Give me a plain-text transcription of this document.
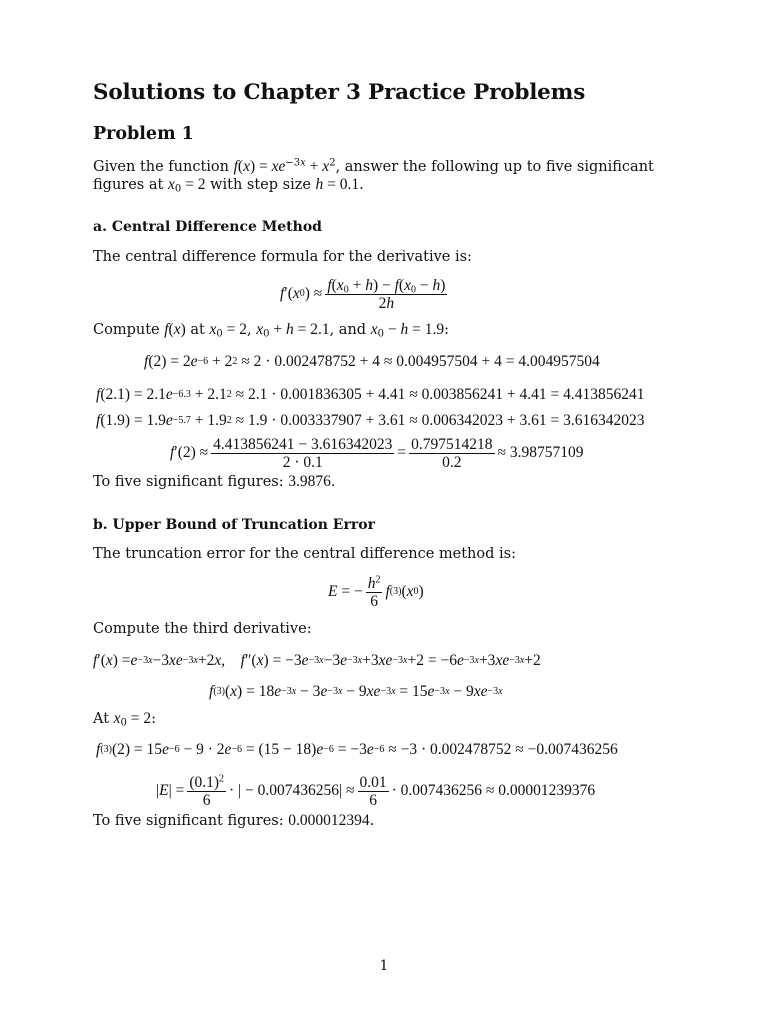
Solutions to Chapter 3 Practice Problems
Problem 1
Given the function $f(x) = xe^{-3x} + x^2$, answer the following up to five significant
figures at $x_0 = 2$ with step size h = 0.1.
a. Central Difference Method
The central difference formula for the derivative is:
f ′( x 0 ) ≈ $\frac{f(x_0 + h) - f(x_0 - h)}{2h}$
Compute f(x) at $x_0 = 2$, $x_0 + h = 2.1$, and $x_0 - h = 1.9$:
f (2) = 2 e −6 + 2 2 ≈ 2 · 0.002478752 + 4 ≈ 0.004957504 + 4 = 4.004957504
f (2.1) = 2.1 e −6.3 + 2.1 2 ≈ 2.1 · 0.001836305 + 4.41 ≈ 0.003856241 + 4.41 = 4.413856241
f (1.9) = 1.9 e −5.7 + 1.9 2 ≈ 1.9 · 0.003337907 + 3.61 ≈ 0.006342023 + 3.61 = 3.616342023
f $'(2) \approx \frac{4.413856241 - 3.616342023}{2 \cdot 0.1} = \frac{0.797514218}{0.2} \approx 3.98757109$
To five significant figures: 3.9876.
b. Upper Bound of Truncation Error
The truncation error for the central difference method is:
E = − $\frac{h^2}{6}$ f (3) ( x 0 )
Compute the third derivative:
f ′( x ) = e −3x −3 xe −3x +2 x , f ″( x ) = −3 e −3x −3 e −3x +3 xe −3x +2 = −6 e −3x +3 xe −3x +2
f (3) ( x ) = 18 e −3x − 3 e −3x − 9 xe −3x = 15 e −3x − 9 xe −3x
At $x_0 = 2$:
f (3) (2) = 15 e −6 − 9 · 2 e −6 = (15 − 18) e −6 = −3 e −6 ≈ −3 · 0.002478752 ≈ −0.007436256
| E | = $\frac{(0.1)^2}{6}$ · | − $0.007436256| \approx \frac{0.01}{6} \cdot 0.007436256 \approx 0.00001239376$
To five significant figures: 0.000012394.
1
